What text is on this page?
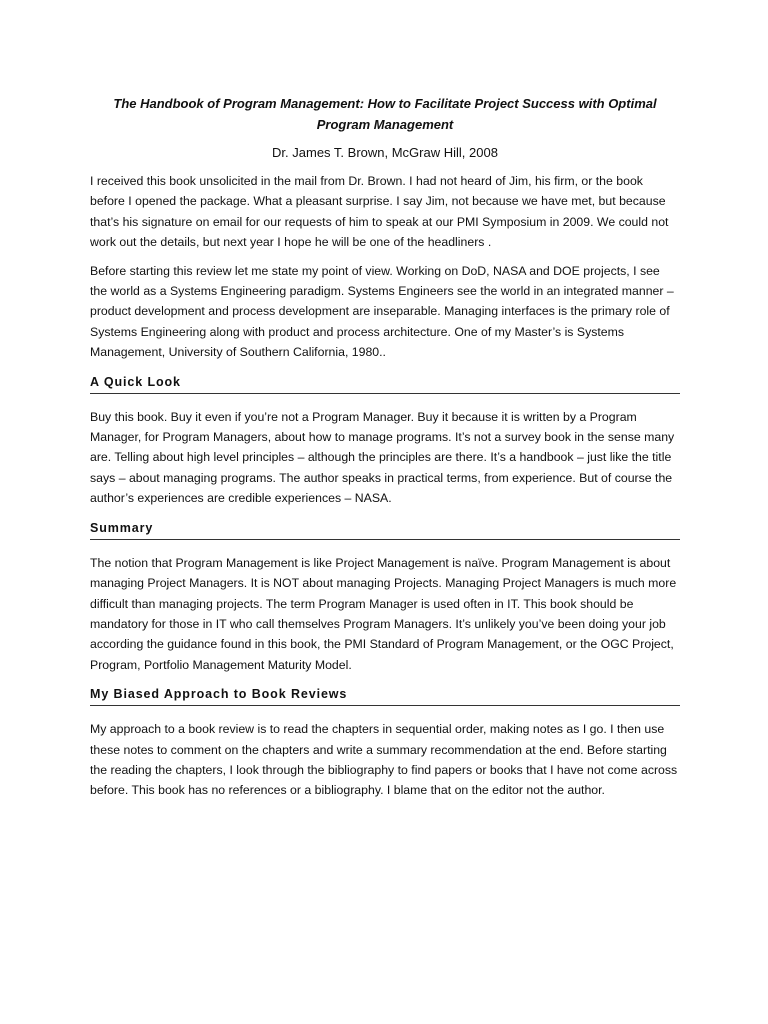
The Handbook of Program Management: How to Facilitate Project Success with Optimal Program Management

Dr. James T. Brown, McGraw Hill, 2008

I received this book unsolicited in the mail from Dr. Brown. I had not heard of Jim, his firm, or the book before I opened the package. What a pleasant surprise. I say Jim, not because we have met, but because that’s his signature on email for our requests of him to speak at our PMI Symposium in 2009. We could not work out the details, but next year I hope he will be one of the headliners .

Before starting this review let me state my point of view. Working on DoD, NASA and DOE projects, I see the world as a Systems Engineering paradigm. Systems Engineers see the world in an integrated manner – product development and process development are inseparable. Managing interfaces is the primary role of Systems Engineering along with product and process architecture. One of my Master’s is Systems Management, University of Southern California, 1980..

A Quick Look

Buy this book. Buy it even if you’re not a Program Manager. Buy it because it is written by a Program Manager, for Program Managers, about how to manage programs. It’s not a survey book in the sense many are. Telling about high level principles – although the principles are there. It’s a handbook – just like the title says – about managing programs. The author speaks in practical terms, from experience. But of course the author’s experiences are credible experiences – NASA.

Summary

The notion that Program Management is like Project Management is naïve. Program Management is about managing Project Managers. It is NOT about managing Projects. Managing Project Managers is much more difficult than managing projects. The term Program Manager is used often in IT. This book should be mandatory for those in IT who call themselves Program Managers. It’s unlikely you’ve been doing your job according the guidance found in this book, the PMI Standard of Program Management, or the OGC Project, Program, Portfolio Management Maturity Model.

My Biased Approach to Book Reviews

My approach to a book review is to read the chapters in sequential order, making notes as I go. I then use these notes to comment on the chapters and write a summary recommendation at the end. Before starting the reading the chapters, I look through the bibliography to find papers or books that I have not come across before. This book has no references or a bibliography. I blame that on the editor not the author.
